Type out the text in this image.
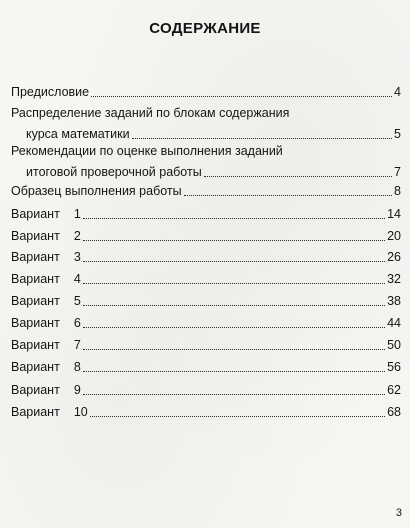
СОДЕРЖАНИЕ
Предисловие	4
Распределение заданий по блокам содержания
курса математики	5
Рекомендации по оценке выполнения заданий
итоговой проверочной работы	7
Образец выполнения работы	8
Вариант 1	14
Вариант 2	20
Вариант 3	26
Вариант 4	32
Вариант 5	38
Вариант 6	44
Вариант 7	50
Вариант 8	56
Вариант 9	62
Вариант 10	68
3
